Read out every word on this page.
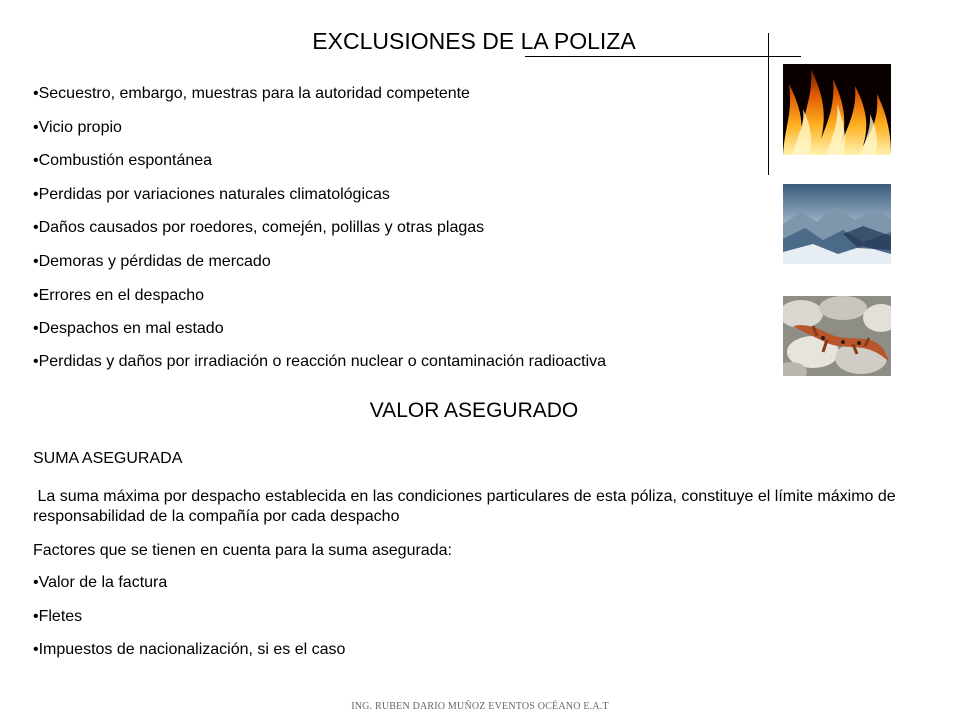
EXCLUSIONES DE LA POLIZA
•Secuestro, embargo, muestras para la autoridad competente
•Vicio propio
•Combustión espontánea
•Perdidas por variaciones naturales climatológicas
•Daños causados por roedores, comején, polillas y otras plagas
•Demoras y pérdidas de mercado
•Errores en el despacho
•Despachos en mal estado
•Perdidas y daños por irradiación o reacción nuclear o contaminación radioactiva
VALOR ASEGURADO
SUMA ASEGURADA
La suma máxima por despacho establecida en las condiciones particulares de esta póliza, constituye el límite máximo de responsabilidad de la compañía por cada despacho
Factores que se tienen en cuenta para la suma asegurada:
•Valor de la factura
•Fletes
•Impuestos de nacionalización, si es el caso
ING. RUBEN DARIO MUÑOZ EVENTOS OCÉANO E.A.T
